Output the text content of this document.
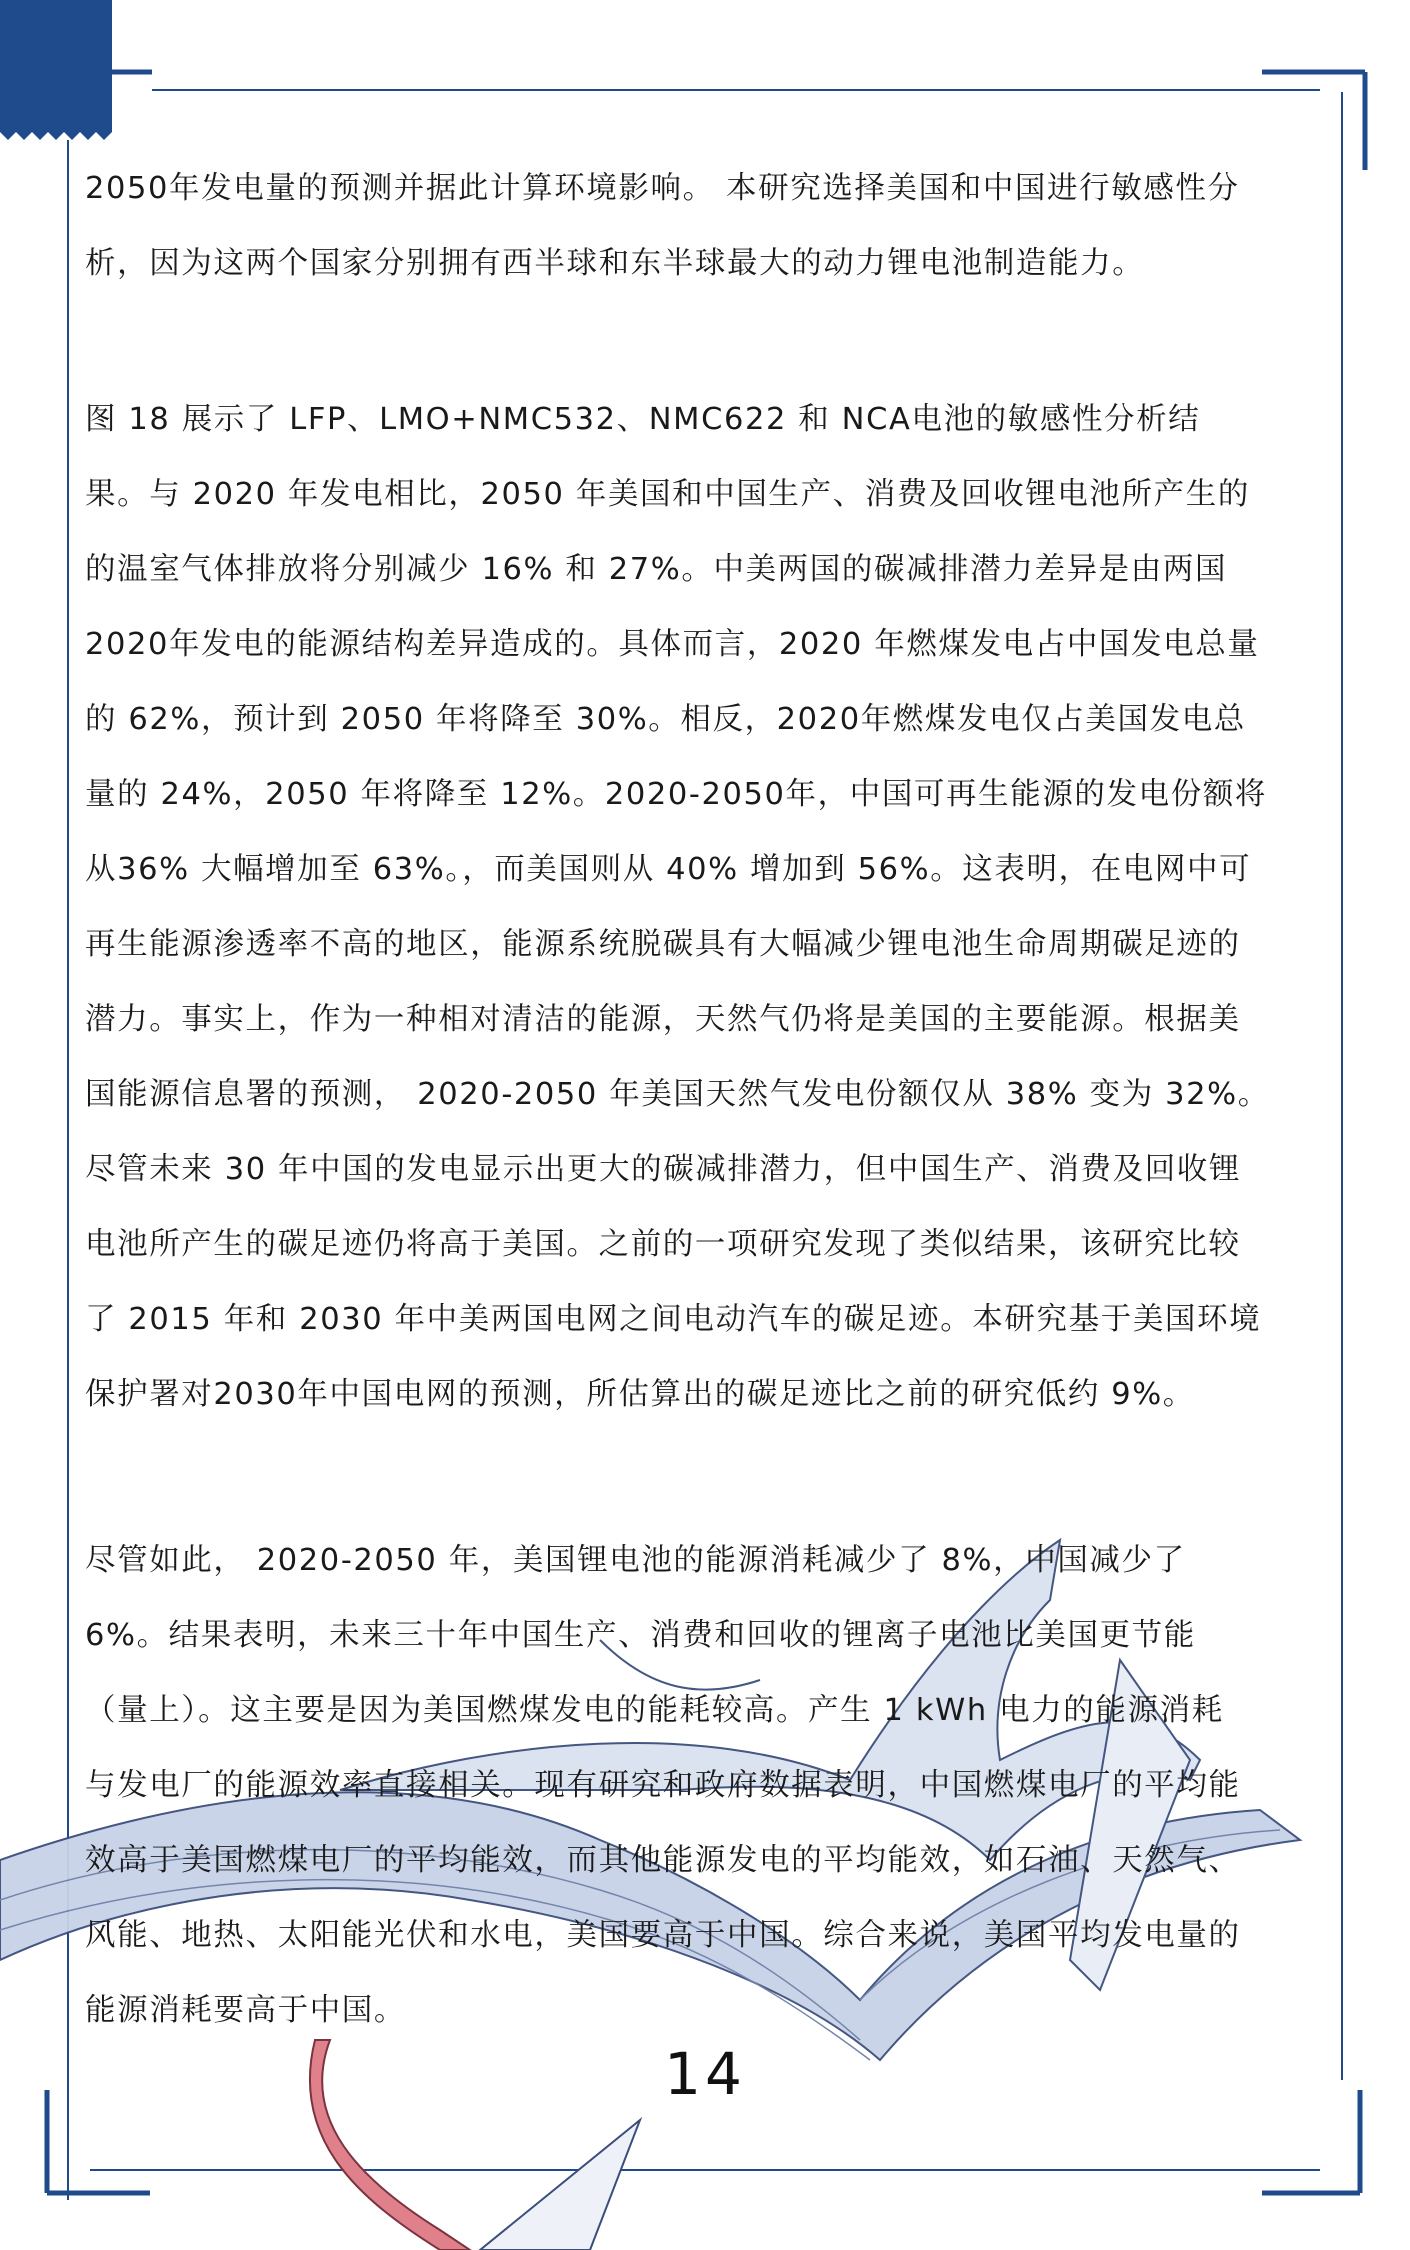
2050年发电量的预测并据此计算环境影响。 本研究选择美国和中国进行敏感性分
析，因为这两个国家分别拥有西半球和东半球最大的动力锂电池制造能力。
图 18 展示了 LFP、LMO+NMC532、NMC622 和 NCA电池的敏感性分析结
果。与 2020 年发电相比，2050 年美国和中国生产、消费及回收锂电池所产生的
的温室气体排放将分别减少 16% 和 27%。中美两国的碳减排潜力差异是由两国
2020年发电的能源结构差异造成的。具体而言，2020 年燃煤发电占中国发电总量
的 62%，预计到 2050 年将降至 30%。相反，2020年燃煤发电仅占美国发电总
量的 24%，2050 年将降至 12%。2020-2050年，中国可再生能源的发电份额将
从36% 大幅增加至 63%。，而美国则从 40% 增加到 56%。这表明，在电网中可
再生能源渗透率不高的地区，能源系统脱碳具有大幅减少锂电池生命周期碳足迹的
潜力。事实上，作为一种相对清洁的能源，天然气仍将是美国的主要能源。根据美
国能源信息署的预测， 2020-2050 年美国天然气发电份额仅从 38% 变为 32%。
尽管未来 30 年中国的发电显示出更大的碳减排潜力，但中国生产、消费及回收锂
电池所产生的碳足迹仍将高于美国。之前的一项研究发现了类似结果，该研究比较
了 2015 年和 2030 年中美两国电网之间电动汽车的碳足迹。本研究基于美国环境
保护署对2030年中国电网的预测，所估算出的碳足迹比之前的研究低约 9%。
尽管如此， 2020-2050 年，美国锂电池的能源消耗减少了 8%，中国减少了
6%。结果表明，未来三十年中国生产、消费和回收的锂离子电池比美国更节能
（量上）。这主要是因为美国燃煤发电的能耗较高。产生 1 kWh 电力的能源消耗
与发电厂的能源效率直接相关。现有研究和政府数据表明，中国燃煤电厂的平均能
效高于美国燃煤电厂的平均能效，而其他能源发电的平均能效，如石油、天然气、
风能、地热、太阳能光伏和水电，美国要高于中国。综合来说，美国平均发电量的
能源消耗要高于中国。
14
